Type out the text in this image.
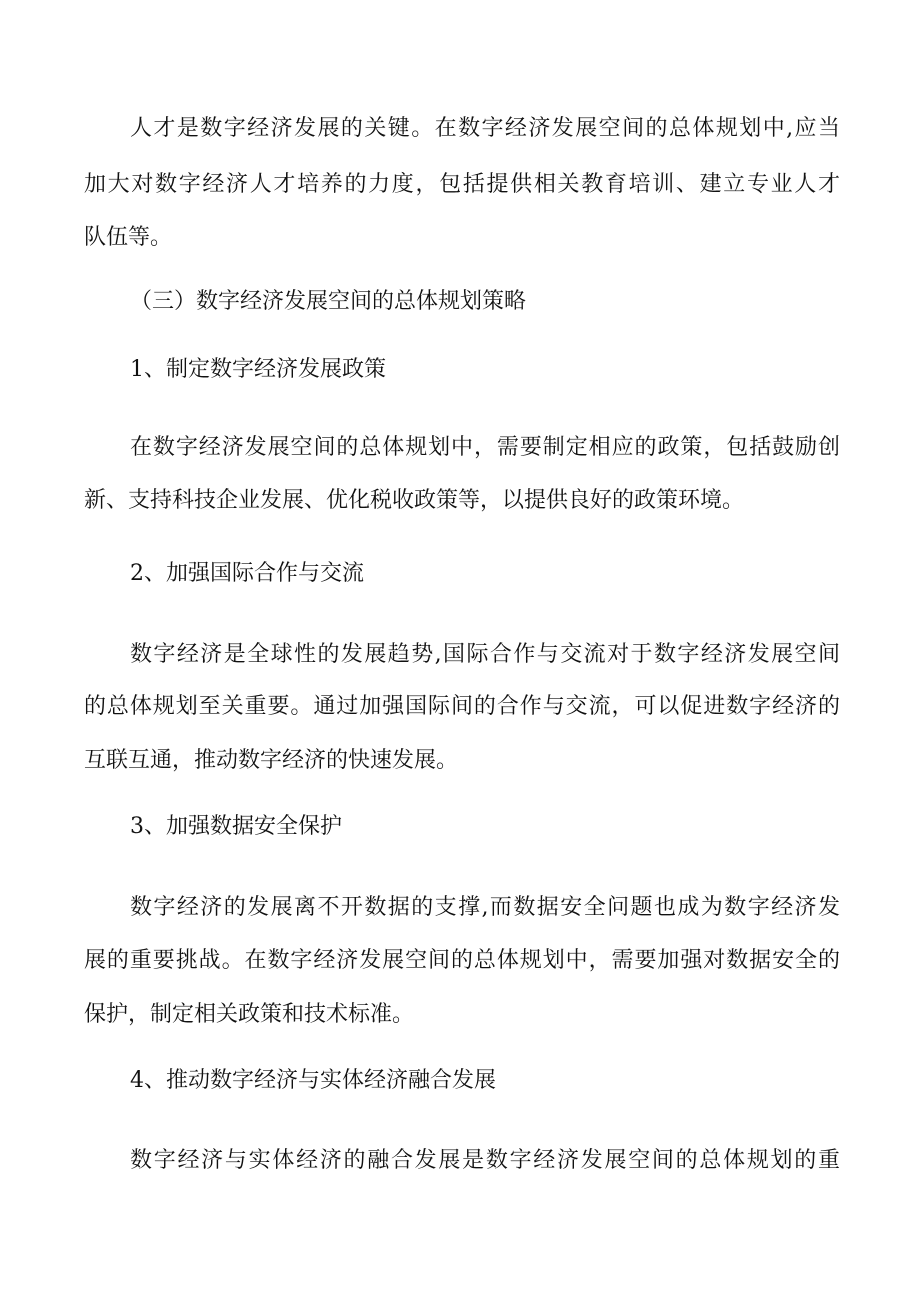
人才是数字经济发展的关键。在数字经济发展空间的总体规划中,应当
加大对数字经济人才培养的力度，包括提供相关教育培训、建立专业人才
队伍等。
（三）数字经济发展空间的总体规划策略
1、制定数字经济发展政策
在数字经济发展空间的总体规划中，需要制定相应的政策，包括鼓励创
新、支持科技企业发展、优化税收政策等，以提供良好的政策环境。
2、加强国际合作与交流
数字经济是全球性的发展趋势,国际合作与交流对于数字经济发展空间
的总体规划至关重要。通过加强国际间的合作与交流，可以促进数字经济的
互联互通，推动数字经济的快速发展。
3、加强数据安全保护
数字经济的发展离不开数据的支撑,而数据安全问题也成为数字经济发
展的重要挑战。在数字经济发展空间的总体规划中，需要加强对数据安全的
保护，制定相关政策和技术标准。
4、推动数字经济与实体经济融合发展
数字经济与实体经济的融合发展是数字经济发展空间的总体规划的重
